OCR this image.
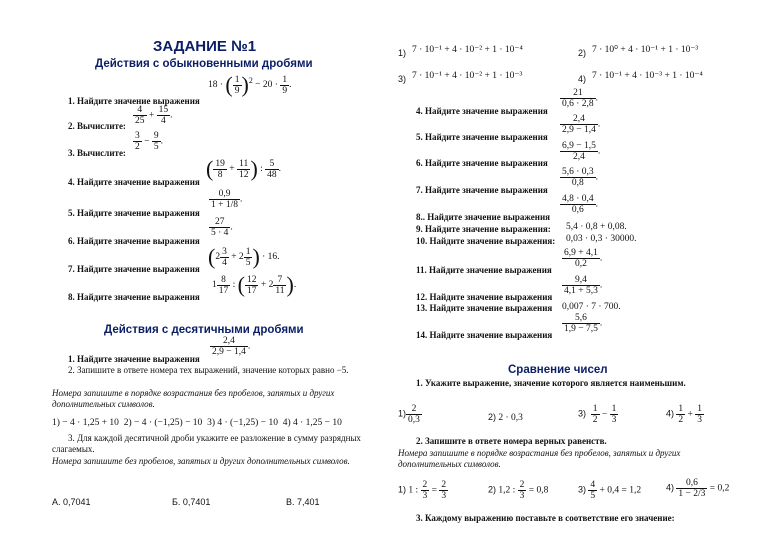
ЗАДАНИЕ №1
Действия с обыкновенными дробями
18 · ( $\frac{1}{9} )^2 - 20 \cdot \frac{1}{9}$ .
1. Найдите значение выражения
2. Вычислите: $\frac{4}{25} + \frac{15}{4}$ .
3. Вычислите:
$\frac{3}{2} - \frac{9}{5}$ .
4. Найдите значение выражения
( $\frac{19}{8} + \frac{11}{12}$ ) : $\frac{5}{48}$ .
5. Найдите значение выражения
$\frac{0,9}{1 + 1/8}$ .
6. Найдите значение выражения
$\frac{27}{5 \cdot 4}$ .
7. Найдите значение выражения ($2 \frac{3}{4} + 2 \frac{1}{5}$ ) · 16.
8. Найдите значение выражения
$1 \frac{8}{17}$ : ( $\frac{12}{17} + 2 \frac{7}{11}$ ).
Действия с десятичными дробями
$\frac{2,4}{2,9 - 1,4}$ .
1. Найдите значение выражения
2. Запишите в ответе номера тех выражений, значение которых равно −5.
Номера запишите в порядке возрастания без пробелов, запятых и других дополнительных символов.
1) − 4 · 1,25 + 10 2) − 4 · (−1,25) − 10 3) 4 · (−1,25) − 10 4) 4 · 1,25 − 10
3. Для каждой десятичной дроби укажите ее разложение в сумму разрядных слагаемых.
Номера запишите без пробелов, запятых и других дополнительных символов.
А. 0,7041	Б. 0,7401	В. 7,401
1) 7 · 10⁻¹ + 4 · 10⁻² + 1 · 10⁻⁴	2) 7 · 10⁰ + 4 · 10⁻¹ + 1 · 10⁻³
3) 7 · 10⁻¹ + 4 · 10⁻² + 1 · 10⁻³	4) 7 · 10⁻¹ + 4 · 10⁻³ + 1 · 10⁻⁴
$\frac{21}{0,6 \cdot 2,8}$ .
4. Найдите значение выражения
$\frac{2,4}{2,9 - 1,4}$ .
5. Найдите значение выражения
$\frac{6,9 - 1,5}{2,4}$ .
6. Найдите значение выражения
$\frac{5,6 \cdot 0,3}{0,8}$ .
7. Найдите значение выражения
$\frac{4,8 \cdot 0,4}{0,6}$ .
8.. Найдите значение выражения
9. Найдите значение выражения: 5,4 · 0,8 + 0,08.
10. Найдите значение выражения: 0,03 · 0,3 · 30000.
$\frac{6,9 + 4,1}{0,2}$ .
11. Найдите значение выражения
$\frac{9,4}{4,1 + 5,3}$ .
12. Найдите значение выражения
13. Найдите значение выражения 0,007 · 7 · 700.
$\frac{5,6}{1,9 - 7,5}$ .
14. Найдите значение выражения
Сравнение чисел
1. Укажите выражение, значение которого является наименьшим.
$1) \frac{2}{0,3}$	2) 2 · 0,3	$3) \frac{1}{2} - \frac{1}{3}$	$4) \frac{1}{2} + \frac{1}{3}$
2. Запишите в ответе номера верных равенств.
Номера запишите в порядке возрастания без пробелов, запятых и других дополнительных символов.
1) 1 : $\frac{2}{3} = \frac{2}{3}$	2) 1,2 : $\frac{2}{3} = 0,8$	$3) \frac{4}{5} + 0,4 = 1,2$	$4) \frac{0,6}{1 - 2/3} = 0,2$
3. Каждому выражению поставьте в соответствие его значение:
